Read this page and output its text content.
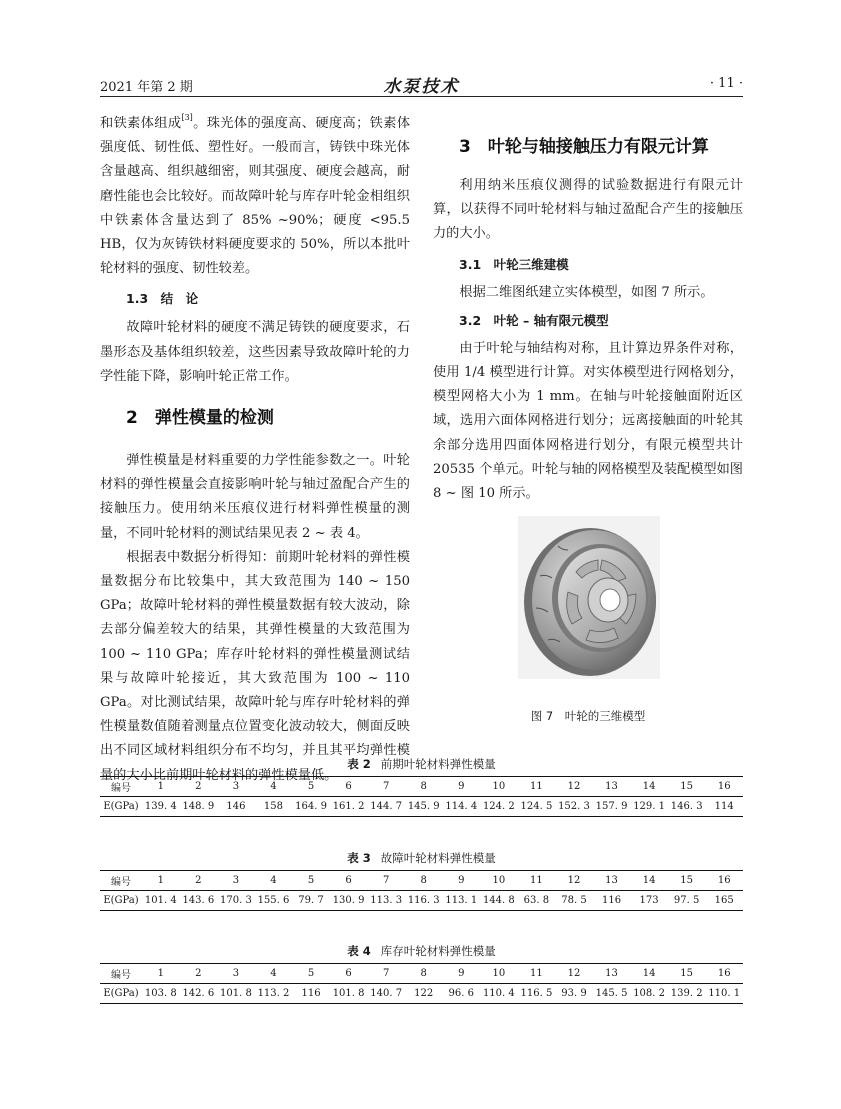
2021 年第 2 期	水泵技术	· 11 ·

和铁素体组成[3]。珠光体的强度高、硬度高；铁素体强度低、韧性低、塑性好。一般而言，铸铁中珠光体含量越高、组织越细密，则其强度、硬度会越高，耐磨性能也会比较好。而故障叶轮与库存叶轮金相组织中铁素体含量达到了 85% ~90%；硬度 <95.5 HB，仅为灰铸铁材料硬度要求的 50%，所以本批叶轮材料的强度、韧性较差。

1.3　结　论

故障叶轮材料的硬度不满足铸铁的硬度要求，石墨形态及基体组织较差，这些因素导致故障叶轮的力学性能下降，影响叶轮正常工作。

2　弹性模量的检测

弹性模量是材料重要的力学性能参数之一。叶轮材料的弹性模量会直接影响叶轮与轴过盈配合产生的接触压力。使用纳米压痕仪进行材料弹性模量的测量，不同叶轮材料的测试结果见表 2 ~ 表 4。

根据表中数据分析得知：前期叶轮材料的弹性模量数据分布比较集中，其大致范围为 140 ~ 150 GPa；故障叶轮材料的弹性模量数据有较大波动，除去部分偏差较大的结果，其弹性模量的大致范围为 100 ~ 110 GPa；库存叶轮材料的弹性模量测试结果与故障叶轮接近，其大致范围为 100 ~ 110 GPa。对比测试结果，故障叶轮与库存叶轮材料的弹性模量数值随着测量点位置变化波动较大，侧面反映出不同区域材料组织分布不均匀，并且其平均弹性模量的大小比前期叶轮材料的弹性模量低。

3　叶轮与轴接触压力有限元计算

利用纳米压痕仪测得的试验数据进行有限元计算，以获得不同叶轮材料与轴过盈配合产生的接触压力的大小。

3.1　叶轮三维建模

根据二维图纸建立实体模型，如图 7 所示。

3.2　叶轮 – 轴有限元模型

由于叶轮与轴结构对称，且计算边界条件对称，使用 1/4 模型进行计算。对实体模型进行网格划分，模型网格大小为 1 mm。在轴与叶轮接触面附近区域，选用六面体网格进行划分；远离接触面的叶轮其余部分选用四面体网格进行划分，有限元模型共计 20535 个单元。叶轮与轴的网格模型及装配模型如图 8 ~ 图 10 所示。

图 7　叶轮的三维模型
表 2 前期叶轮材料弹性模量
编号	1	2	3	4	5	6	7	8	9	10	11	12	13	14	15	16
E(GPa)	139. 4	148. 9	146	158	164. 9	161. 2	144. 7	145. 9	114. 4	124. 2	124. 5	152. 3	157. 9	129. 1	146. 3	114
表 3 故障叶轮材料弹性模量
编号	1	2	3	4	5	6	7	8	9	10	11	12	13	14	15	16
E(GPa)	101. 4	143. 6	170. 3	155. 6	79. 7	130. 9	113. 3	116. 3	113. 1	144. 8	63. 8	78. 5	116	173	97. 5	165
表 4 库存叶轮材料弹性模量
编号	1	2	3	4	5	6	7	8	9	10	11	12	13	14	15	16
E(GPa)	103. 8	142. 6	101. 8	113. 2	116	101. 8	140. 7	122	96. 6	110. 4	116. 5	93. 9	145. 5	108. 2	139. 2	110. 1
